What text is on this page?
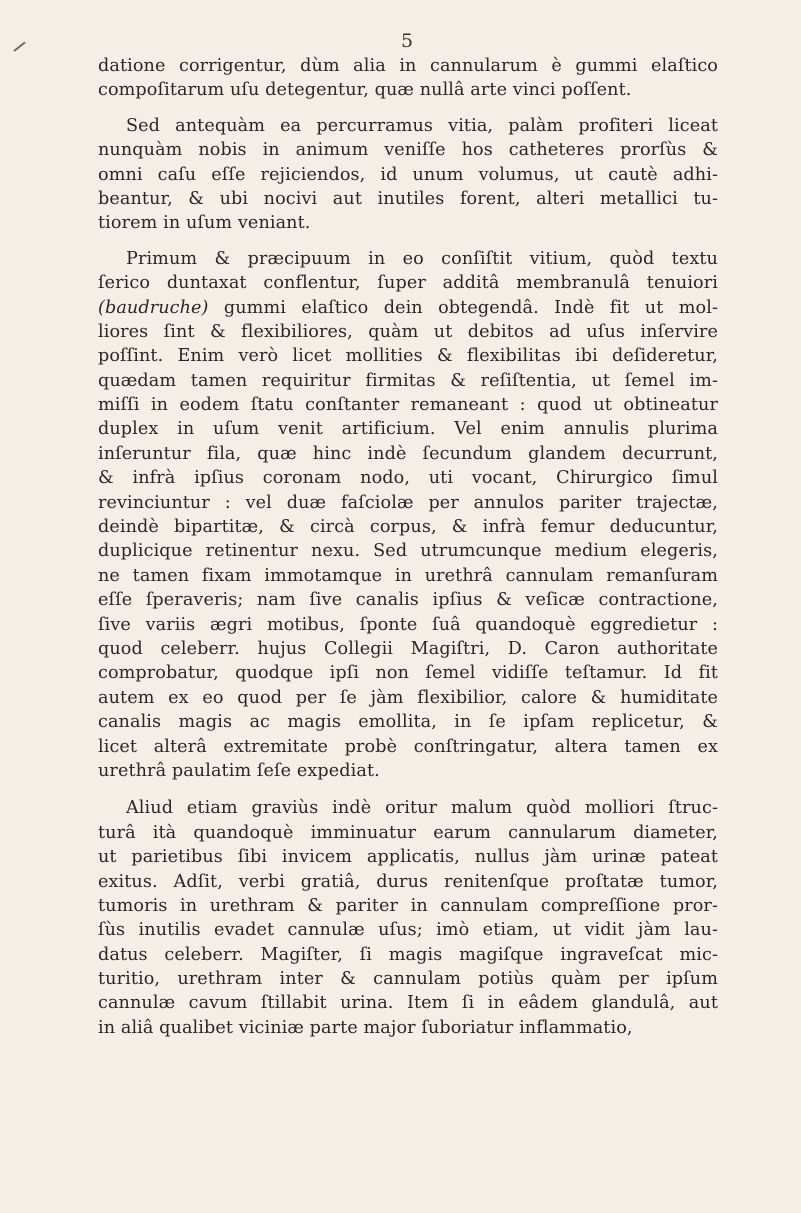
5
datione corrigentur, dùm alia in cannularum è gummi elaſtico
compoſitarum uſu detegentur, quæ nullâ arte vinci poſſent.
Sed antequàm ea percurramus vitia, palàm profiteri liceat
nunquàm nobis in animum veniſſe hos catheteres prorſùs &
omni caſu eſſe rejiciendos, id unum volumus, ut cautè adhi-
beantur, & ubi nocivi aut inutiles forent, alteri metallici tu-
tiorem in uſum veniant.
Primum & præcipuum in eo conſiſtit vitium, quòd textu
ſerico duntaxat conflentur, ſuper additâ membranulâ tenuiori
(baudruche) gummi elaſtico dein obtegendâ. Indè fit ut mol-
liores ſint & flexibiliores, quàm ut debitos ad uſus inſervire
poſſint. Enim verò licet mollities & flexibilitas ibi deſideretur,
quædam tamen requiritur firmitas & reſiſtentia, ut ſemel im-
miſſi in eodem ſtatu conſtanter remaneant : quod ut obtineatur
duplex in uſum venit artificium. Vel enim annulis plurima
inſeruntur fila, quæ hinc indè ſecundum glandem decurrunt,
& infrà ipſius coronam nodo, uti vocant, Chirurgico ſimul
revinciuntur : vel duæ faſciolæ per annulos pariter trajectæ,
deindè bipartitæ, & circà corpus, & infrà femur deducuntur,
duplicique retinentur nexu. Sed utrumcunque medium elegeris,
ne tamen fixam immotamque in urethrâ cannulam remanſuram
eſſe ſperaveris; nam ſive canalis ipſius & veſicæ contractione,
ſive variis ægri motibus, ſponte ſuâ quandoquè eggredietur :
quod celeberr. hujus Collegii Magiſtri, D. Caron authoritate
comprobatur, quodque ipſi non ſemel vidiſſe teſtamur. Id fit
autem ex eo quod per ſe jàm flexibilior, calore & humiditate
canalis magis ac magis emollita, in ſe ipſam replicetur, &
licet alterâ extremitate probè conſtringatur, altera tamen ex
urethrâ paulatim ſeſe expediat.
Aliud etiam graviùs indè oritur malum quòd molliori ſtruc-
turâ ità quandoquè imminuatur earum cannularum diameter,
ut parietibus ſibi invicem applicatis, nullus jàm urinæ pateat
exitus. Adſit, verbi gratiâ, durus renitenſque proſtatæ tumor,
tumoris in urethram & pariter in cannulam compreſſione pror-
ſùs inutilis evadet cannulæ uſus; imò etiam, ut vidit jàm lau-
datus celeberr. Magiſter, ſi magis magiſque ingraveſcat mic-
turitio, urethram inter & cannulam potiùs quàm per ipſum
cannulæ cavum ſtillabit urina. Item ſi in eâdem glandulâ, aut
in aliâ qualibet viciniæ parte major ſuboriatur inflammatio,
